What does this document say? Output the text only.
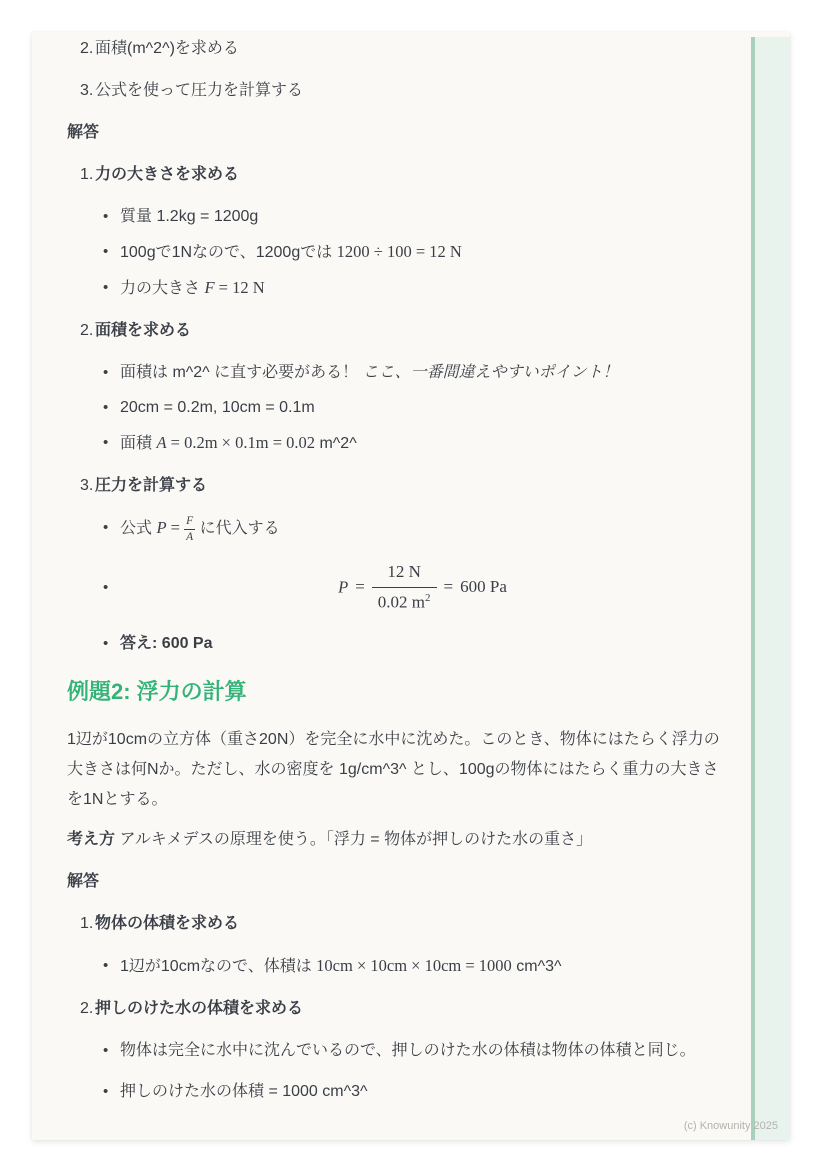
2. 面積(m^2^)を求める
3. 公式を使って圧力を計算する

解答

1. 力の大きさを求める
• 質量 1.2kg = 1200g
• 100gで1Nなので、1200gでは 1200 ÷ 100 = 12 N
• 力の大きさ F = 12 N
2. 面積を求める
• 面積は m^2^ に直す必要がある！ ここ、一番間違えやすいポイント！
• 20cm = 0.2m, 10cm = 0.1m
• 面積 A = 0.2m × 0.1m = 0.02 m^2^
3. 圧力を計算する
• 公式 $P = \frac{F}{A}$ に代入する
•	$P = \frac{12 N}{0.02 m^2} = 600$ Pa
• 答え: 600 Pa
例題2: 浮力の計算

1辺が10cmの立方体（重さ20N）を完全に水中に沈めた。このとき、物体にはたらく浮力の大きさは何Nか。ただし、水の密度を 1g/cm^3^ とし、100gの物体にはたらく重力の大きさを1Nとする。

考え方 アルキメデスの原理を使う。「浮力 = 物体が押しのけた水の重さ」

解答

1. 物体の体積を求める
• 1辺が10cmなので、体積は 10cm × 10cm × 10cm = 1000 cm^3^
2. 押しのけた水の体積を求める
• 物体は完全に水中に沈んでいるので、押しのけた水の体積は物体の体積と同じ。
• 押しのけた水の体積 = 1000 cm^3^
(c) Knowunity 2025
